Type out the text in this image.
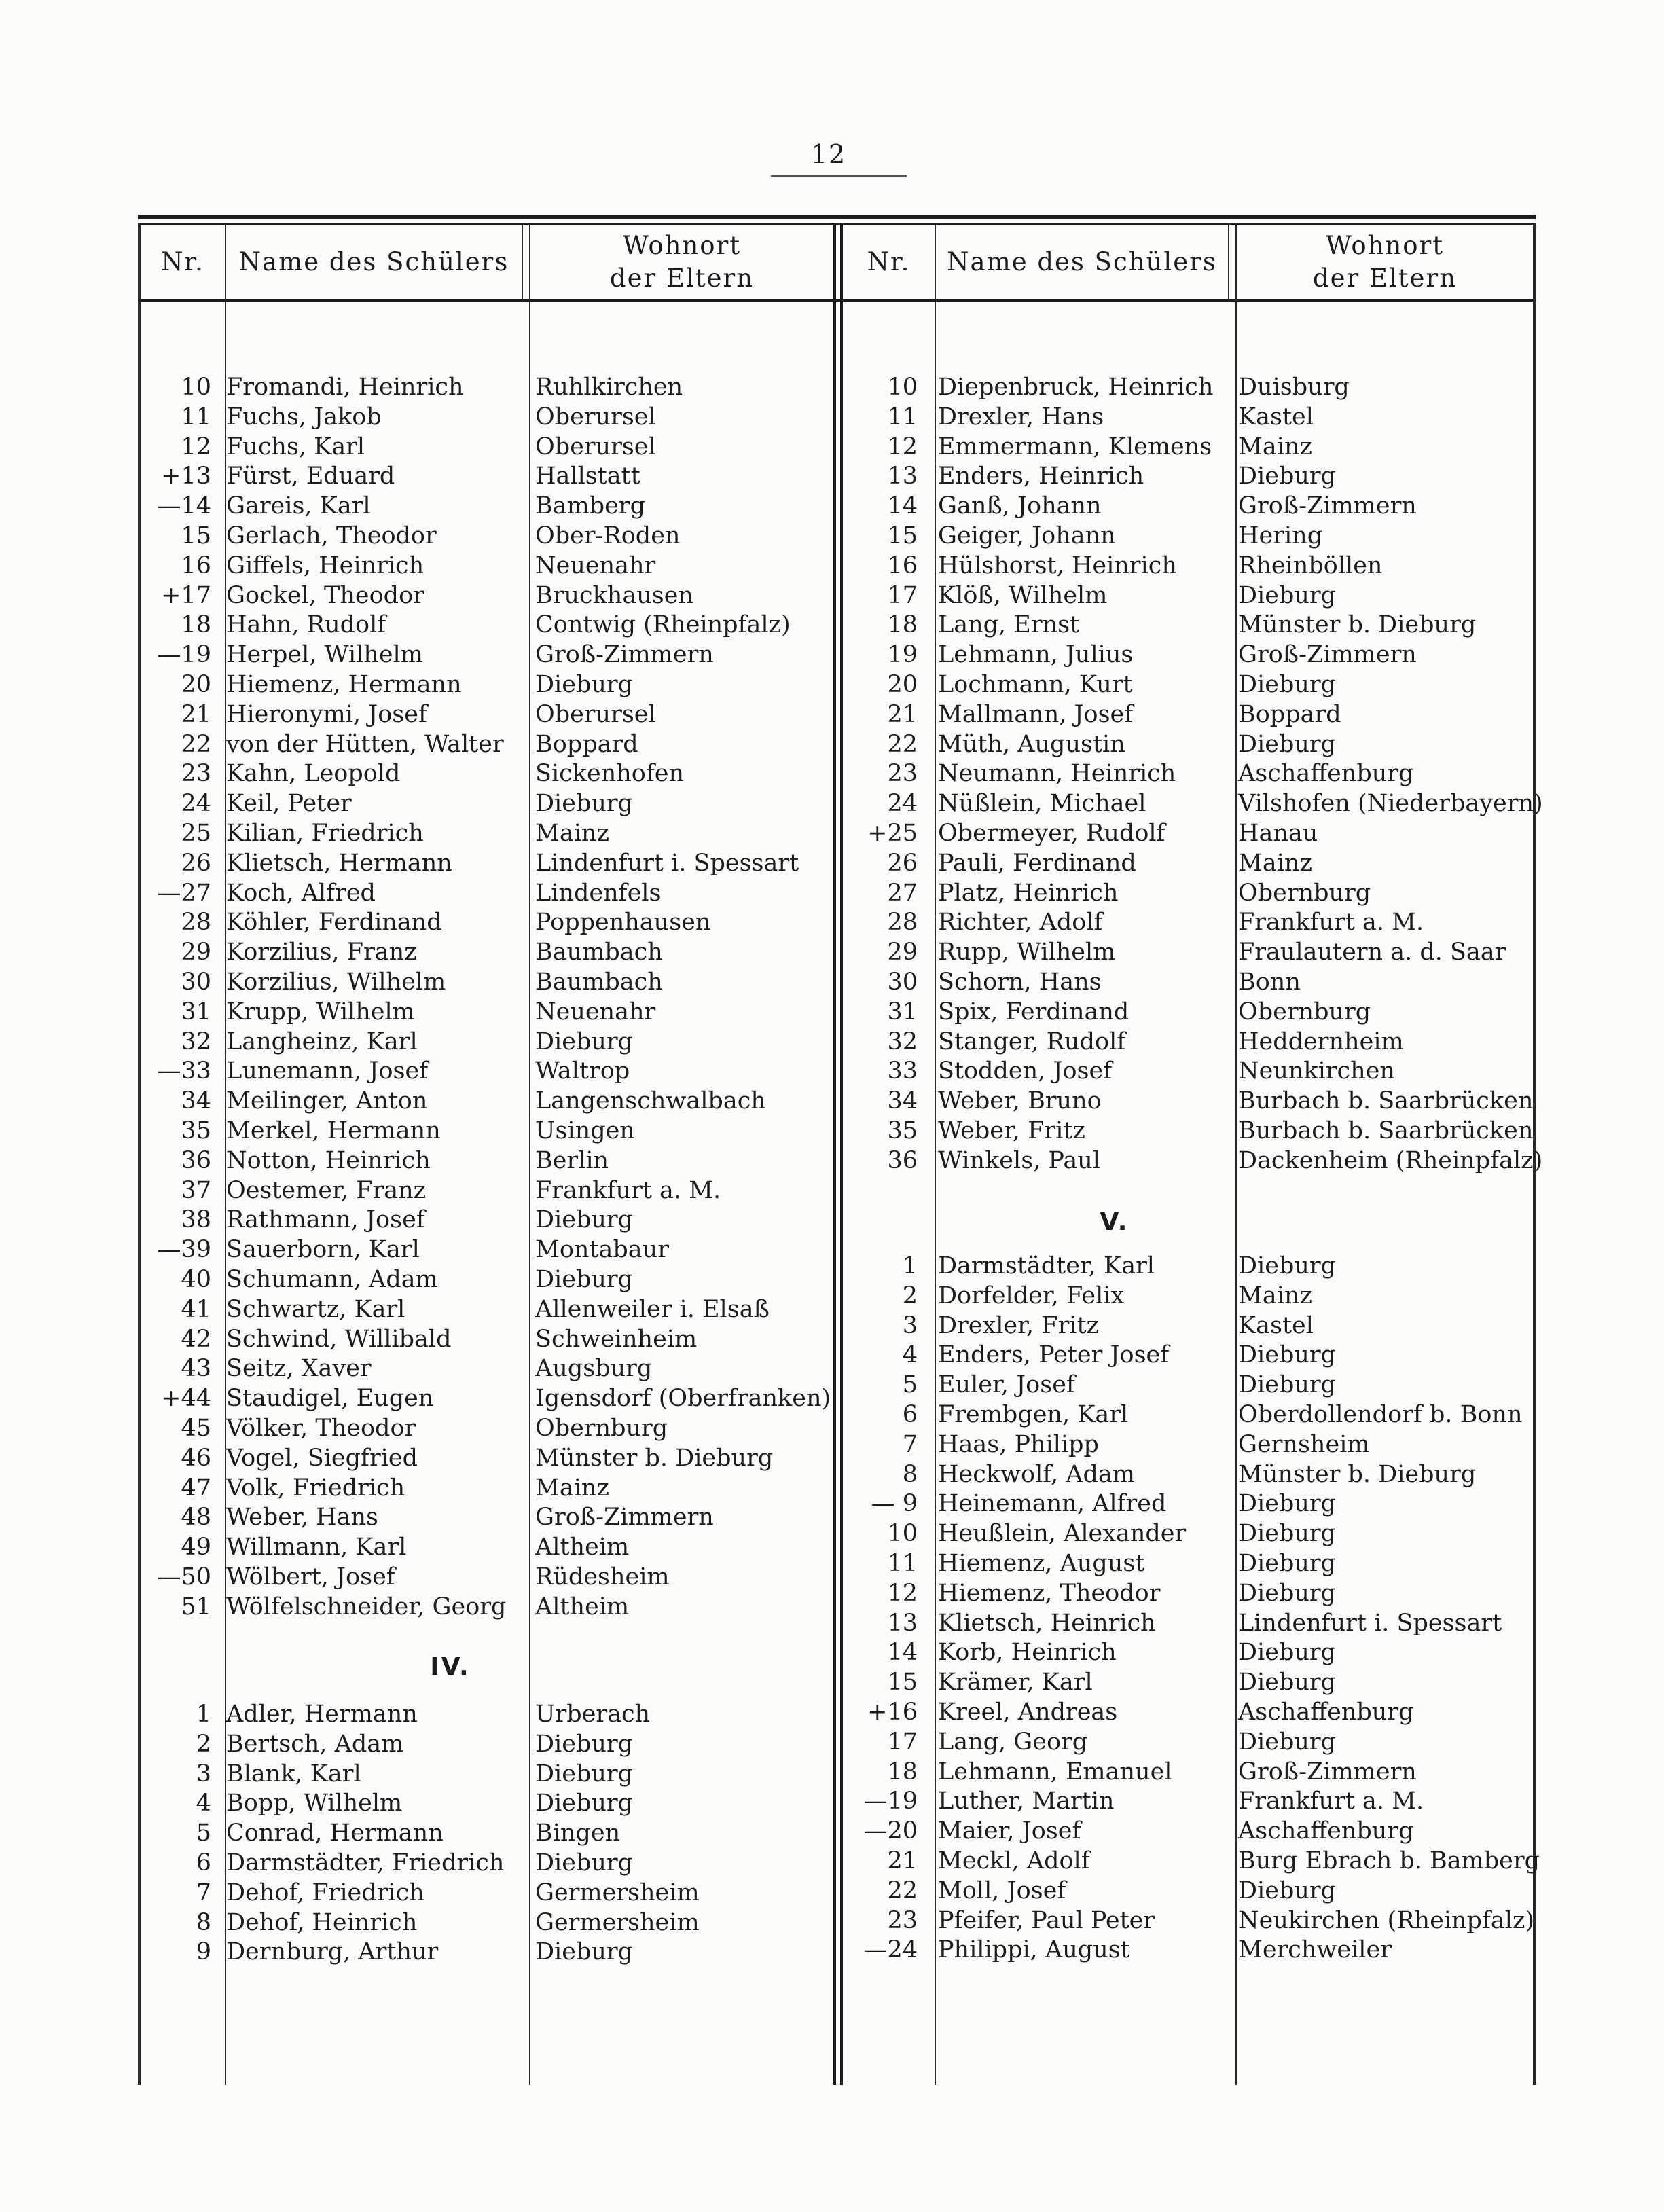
12
Nr.	Name des Schülers
Wohnort
der Eltern
Nr.	Name des Schülers
Wohnort
der Eltern
IV.
10 Fromandi, Heinrich	Ruhlkirchen
11 Fuchs, Jakob	Oberursel
12 Fuchs, Karl	Oberursel
+13 Fürst, Eduard	Hallstatt
—14 Gareis, Karl	Bamberg
15 Gerlach, Theodor	Ober-Roden
16 Giffels, Heinrich	Neuenahr
+17 Gockel, Theodor	Bruckhausen
18 Hahn, Rudolf	Contwig (Rheinpfalz)
—19 Herpel, Wilhelm	Groß-Zimmern
20 Hiemenz, Hermann	Dieburg
21 Hieronymi, Josef	Oberursel
22 von der Hütten, Walter	Boppard
23 Kahn, Leopold	Sickenhofen
24 Keil, Peter	Dieburg
25 Kilian, Friedrich	Mainz
26 Klietsch, Hermann	Lindenfurt i. Spessart
—27 Koch, Alfred	Lindenfels
28 Köhler, Ferdinand	Poppenhausen
29 Korzilius, Franz	Baumbach
30 Korzilius, Wilhelm	Baumbach
31 Krupp, Wilhelm	Neuenahr
32 Langheinz, Karl	Dieburg
—33 Lunemann, Josef	Waltrop
34 Meilinger, Anton	Langenschwalbach
35 Merkel, Hermann	Usingen
36 Notton, Heinrich	Berlin
37 Oestemer, Franz	Frankfurt a. M.
38 Rathmann, Josef	Dieburg
—39 Sauerborn, Karl	Montabaur
40 Schumann, Adam	Dieburg
41 Schwartz, Karl	Allenweiler i. Elsaß
42 Schwind, Willibald	Schweinheim
43 Seitz, Xaver	Augsburg
+44 Staudigel, Eugen	Igensdorf (Oberfranken)
45 Völker, Theodor	Obernburg
46 Vogel, Siegfried	Münster b. Dieburg
47 Volk, Friedrich	Mainz
48 Weber, Hans	Groß-Zimmern
49 Willmann, Karl	Altheim
—50 Wölbert, Josef	Rüdesheim
51 Wölfelschneider, Georg	Altheim
1 Adler, Hermann	Urberach
2 Bertsch, Adam	Dieburg
3 Blank, Karl	Dieburg
4 Bopp, Wilhelm	Dieburg
5 Conrad, Hermann	Bingen
6 Darmstädter, Friedrich	Dieburg
7 Dehof, Friedrich	Germersheim
8 Dehof, Heinrich	Germersheim
9 Dernburg, Arthur	Dieburg
V.
10 Diepenbruck, Heinrich	Duisburg
11 Drexler, Hans	Kastel
12 Emmermann, Klemens	Mainz
13 Enders, Heinrich	Dieburg
14 Ganß, Johann	Groß-Zimmern
15 Geiger, Johann	Hering
16 Hülshorst, Heinrich	Rheinböllen
17 Klöß, Wilhelm	Dieburg
18 Lang, Ernst	Münster b. Dieburg
19 Lehmann, Julius	Groß-Zimmern
20 Lochmann, Kurt	Dieburg
21 Mallmann, Josef	Boppard
22 Müth, Augustin	Dieburg
23 Neumann, Heinrich	Aschaffenburg
24 Nüßlein, Michael	Vilshofen (Niederbayern)
+25 Obermeyer, Rudolf	Hanau
26 Pauli, Ferdinand	Mainz
27 Platz, Heinrich	Obernburg
28 Richter, Adolf	Frankfurt a. M.
29 Rupp, Wilhelm	Fraulautern a. d. Saar
30 Schorn, Hans	Bonn
31 Spix, Ferdinand	Obernburg
32 Stanger, Rudolf	Heddernheim
33 Stodden, Josef	Neunkirchen
34 Weber, Bruno	Burbach b. Saarbrücken
35 Weber, Fritz	Burbach b. Saarbrücken
36 Winkels, Paul	Dackenheim (Rheinpfalz)
1 Darmstädter, Karl	Dieburg
2 Dorfelder, Felix	Mainz
3 Drexler, Fritz	Kastel
4 Enders, Peter Josef	Dieburg
5 Euler, Josef	Dieburg
6 Frembgen, Karl	Oberdollendorf b. Bonn
7 Haas, Philipp	Gernsheim
8 Heckwolf, Adam	Münster b. Dieburg
— 9 Heinemann, Alfred	Dieburg
10 Heußlein, Alexander	Dieburg
11 Hiemenz, August	Dieburg
12 Hiemenz, Theodor	Dieburg
13 Klietsch, Heinrich	Lindenfurt i. Spessart
14 Korb, Heinrich	Dieburg
15 Krämer, Karl	Dieburg
+16 Kreel, Andreas	Aschaffenburg
17 Lang, Georg	Dieburg
18 Lehmann, Emanuel	Groß-Zimmern
—19 Luther, Martin	Frankfurt a. M.
—20 Maier, Josef	Aschaffenburg
21 Meckl, Adolf	Burg Ebrach b. Bamberg
22 Moll, Josef	Dieburg
23 Pfeifer, Paul Peter	Neukirchen (Rheinpfalz)
—24 Philippi, August	Merchweiler
